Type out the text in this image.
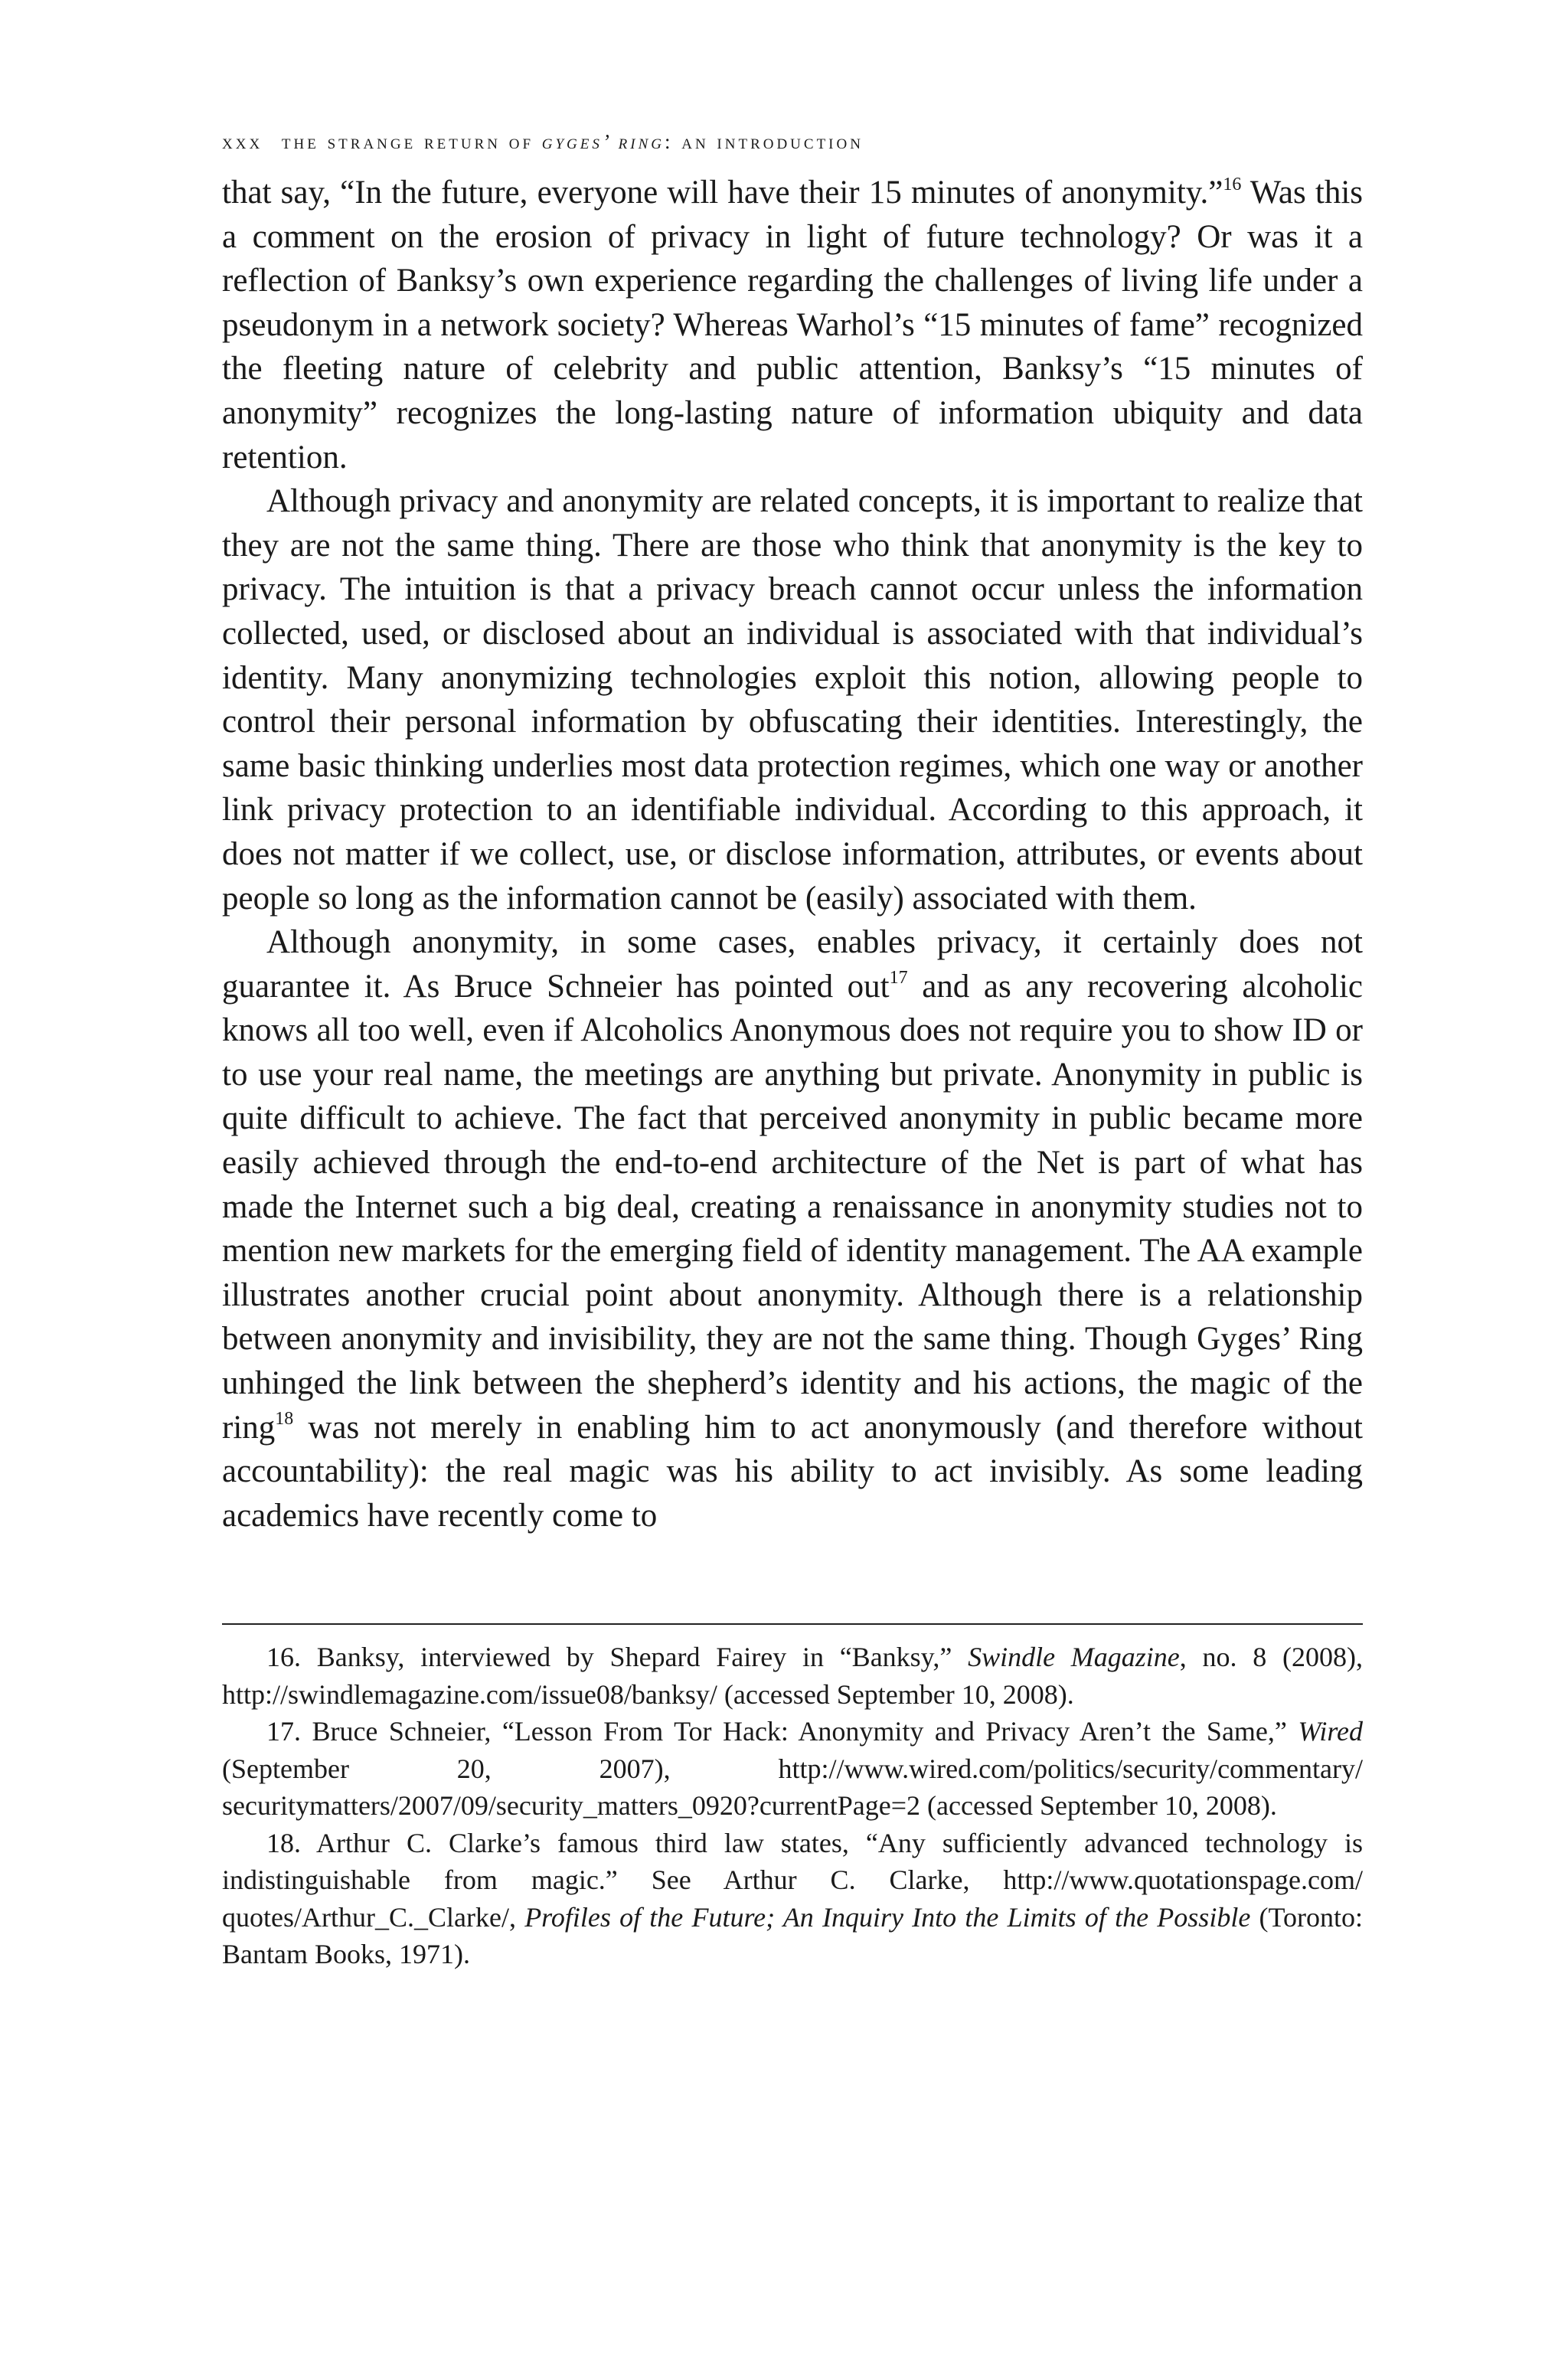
xxx the strange return of gyges’ ring: an introduction

that say, “In the future, everyone will have their 15 minutes of anonymity.”$^{16}$ Was this a comment on the erosion of privacy in light of future technology? Or was it a reflection of Banksy’s own experience regarding the challenges of living life under a pseudonym in a network society? Whereas Warhol’s “15 minutes of fame” recognized the fleeting nature of celebrity and public attention, Banksy’s “15 minutes of anonymity” recognizes the long-lasting nature of information ubiquity and data retention.

Although privacy and anonymity are related concepts, it is important to realize that they are not the same thing. There are those who think that anonymity is the key to privacy. The intuition is that a privacy breach cannot occur unless the information collected, used, or disclosed about an individual is associated with that individual’s identity. Many anonymizing technologies exploit this notion, allowing people to control their personal information by obfuscating their identities. Interestingly, the same basic thinking underlies most data protection regimes, which one way or another link privacy protection to an identifiable individual. According to this approach, it does not matter if we collect, use, or disclose information, attributes, or events about people so long as the information cannot be (easily) associated with them.

Although anonymity, in some cases, enables privacy, it certainly does not guarantee it. As Bruce Schneier has pointed out$^{17}$ and as any recovering alcoholic knows all too well, even if Alcoholics Anonymous does not require you to show ID or to use your real name, the meetings are anything but private. Anonymity in public is quite difficult to achieve. The fact that perceived anonymity in public became more easily achieved through the end-to-end architecture of the Net is part of what has made the Internet such a big deal, creating a renaissance in anonymity studies not to mention new markets for the emerging field of identity management. The AA example illustrates another crucial point about anonymity. Although there is a relationship between anonymity and invisibility, they are not the same thing. Though Gyges’ Ring unhinged the link between the shepherd’s identity and his actions, the magic of the ring$^{18}$ was not merely in enabling him to act anonymously (and therefore without accountability): the real magic was his ability to act invisibly. As some leading academics have recently come to

16. Banksy, interviewed by Shepard Fairey in “Banksy,” Swindle Magazine, no. 8 (2008), http://swindlemagazine.com/issue08/banksy/ (accessed September 10, 2008).

17. Bruce Schneier, “Lesson From Tor Hack: Anonymity and Privacy Aren’t the Same,” Wired (September 20, 2007), http://www.wired.com/politics/security/commentary/ securitymatters/2007/09/security_matters_0920?currentPage=2 (accessed September 10, 2008).

18. Arthur C. Clarke’s famous third law states, “Any sufficiently advanced technology is indistinguishable from magic.” See Arthur C. Clarke, http://www.quotationspage.com/ quotes/Arthur_C._Clarke/, Profiles of the Future; An Inquiry Into the Limits of the Possible (Toronto: Bantam Books, 1971).
